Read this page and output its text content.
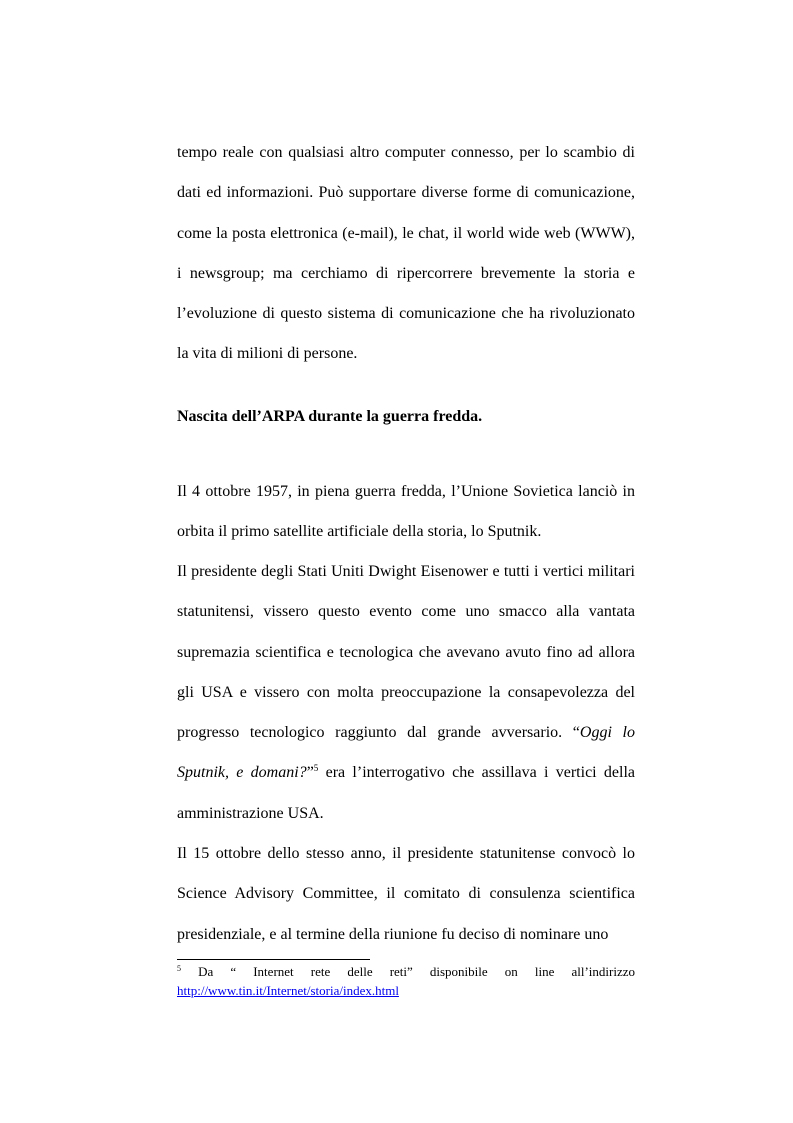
tempo reale con qualsiasi altro computer connesso, per lo scambio di dati ed informazioni. Può supportare diverse forme di comunicazione, come la posta elettronica (e-mail), le chat, il world wide web (WWW), i newsgroup; ma cerchiamo di ripercorrere brevemente la storia e l’evoluzione di questo sistema di comunicazione che ha rivoluzionato la vita di milioni di persone.

Nascita dell’ARPA durante la guerra fredda.

Il 4 ottobre 1957, in piena guerra fredda, l’Unione Sovietica lanciò in orbita il primo satellite artificiale della storia, lo Sputnik.

Il presidente degli Stati Uniti Dwight Eisenower e tutti i vertici militari statunitensi, vissero questo evento come uno smacco alla vantata supremazia scientifica e tecnologica che avevano avuto fino ad allora gli USA e vissero con molta preoccupazione la consapevolezza del progresso tecnologico raggiunto dal grande avversario. “Oggi lo Sputnik, e domani?”$^5$ era l’interrogativo che assillava i vertici della amministrazione USA.

Il 15 ottobre dello stesso anno, il presidente statunitense convocò lo Science Advisory Committee, il comitato di consulenza scientifica presidenziale, e al termine della riunione fu deciso di nominare uno

$^5$ Da “ Internet rete delle reti” disponibile on line all’indirizzo

http://www.tin.it/Internet/storia/index.html
